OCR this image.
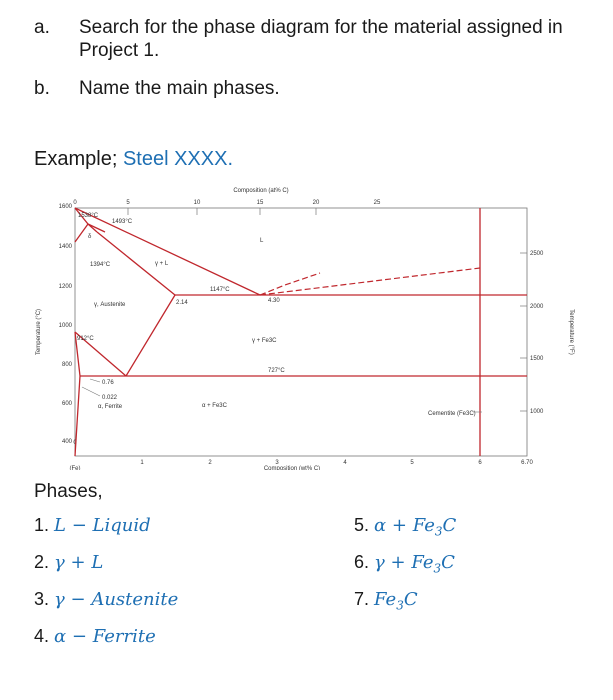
a. Search for the phase diagram for the material assigned in Project 1.
b. Name the main phases.
Example; Steel XXXX.
Composition (at% C)
0	5	10	15	20	25
Temperature (°C)
1600
1400
1200
1000
800
600
400
Temperature (°F)
2500
2000
1500
1000
0
1	2	3	4	5	6	6.70
(Fe)	Composition (wt% C)
1538°C
1493°C
δ
1394°C	γ + L
L
1147°C
2.14	4.30
γ, Austenite
912°C	γ + Fe3C
727°C
0.76
0.022
α, Ferrite	α + Fe3C
Cementite (Fe3C)
Phases,
1. L − Liquid
2. γ + L
3. γ − Austenite
4. α − Ferrite
5. $\alpha + Fe_3C$
6. $\gamma + Fe_3C$
7. $Fe_3C$
